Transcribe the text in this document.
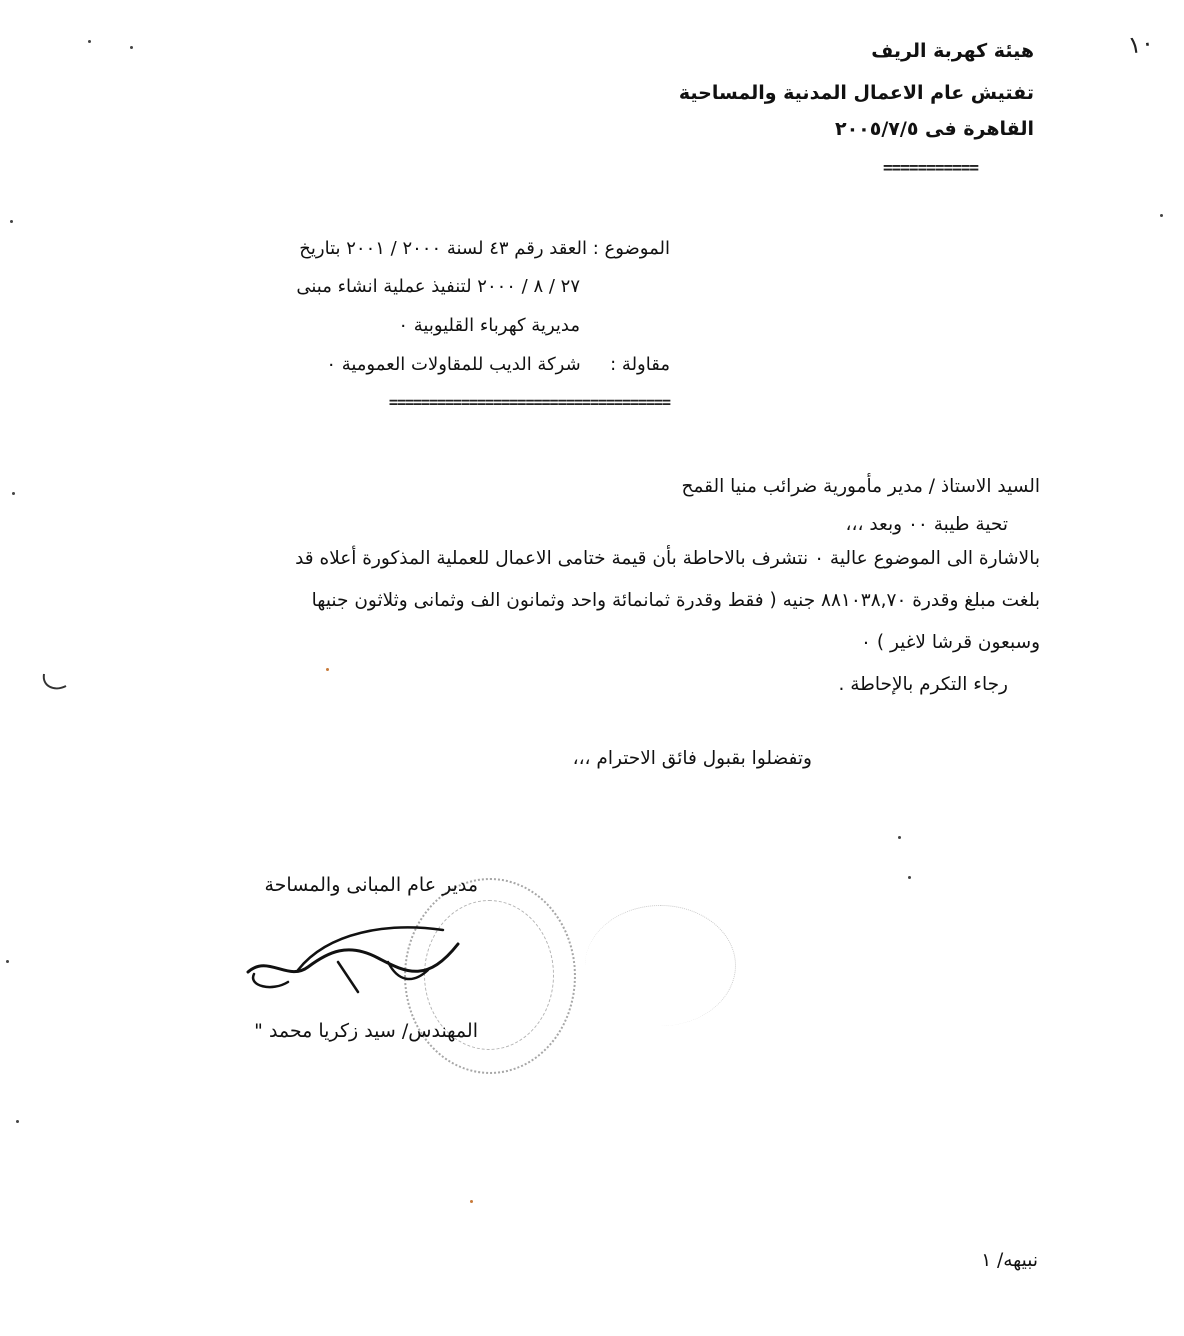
١٠
هيئة كهربة الريف
تفتيش عام الاعمال المدنية والمساحية
القاهرة فى ٢٠٠٥/٧/٥
===========
الموضوع : العقد رقم ٤٣ لسنة ٢٠٠٠ / ٢٠٠١ بتاريخ
٢٧ / ٨ / ٢٠٠٠ لتنفيذ عملية انشاء مبنى
مديرية كهرباء القليوبية ٠
مقاولة :  شركة الديب للمقاولات العمومية ٠
===================================
السيد الاستاذ / مدير مأمورية ضرائب منيا القمح
تحية طيبة ٠٠ وبعد ،،،
بالاشارة الى الموضوع عالية ٠ نتشرف بالاحاطة بأن قيمة ختامى الاعمال للعملية المذكورة أعلاه قد
بلغت مبلغ وقدرة ٨٨١٠٣٨,٧٠ جنيه ( فقط وقدرة ثمانمائة واحد وثمانون الف وثمانى وثلاثون جنيها
وسبعون قرشا لاغير ) ٠
رجاء التكرم بالإحاطة .
وتفضلوا بقبول فائق الاحترام ،،،
مدير عام المبانى والمساحة
المهندس/ سيد زكريا محمد "
نبيهه/ ١
